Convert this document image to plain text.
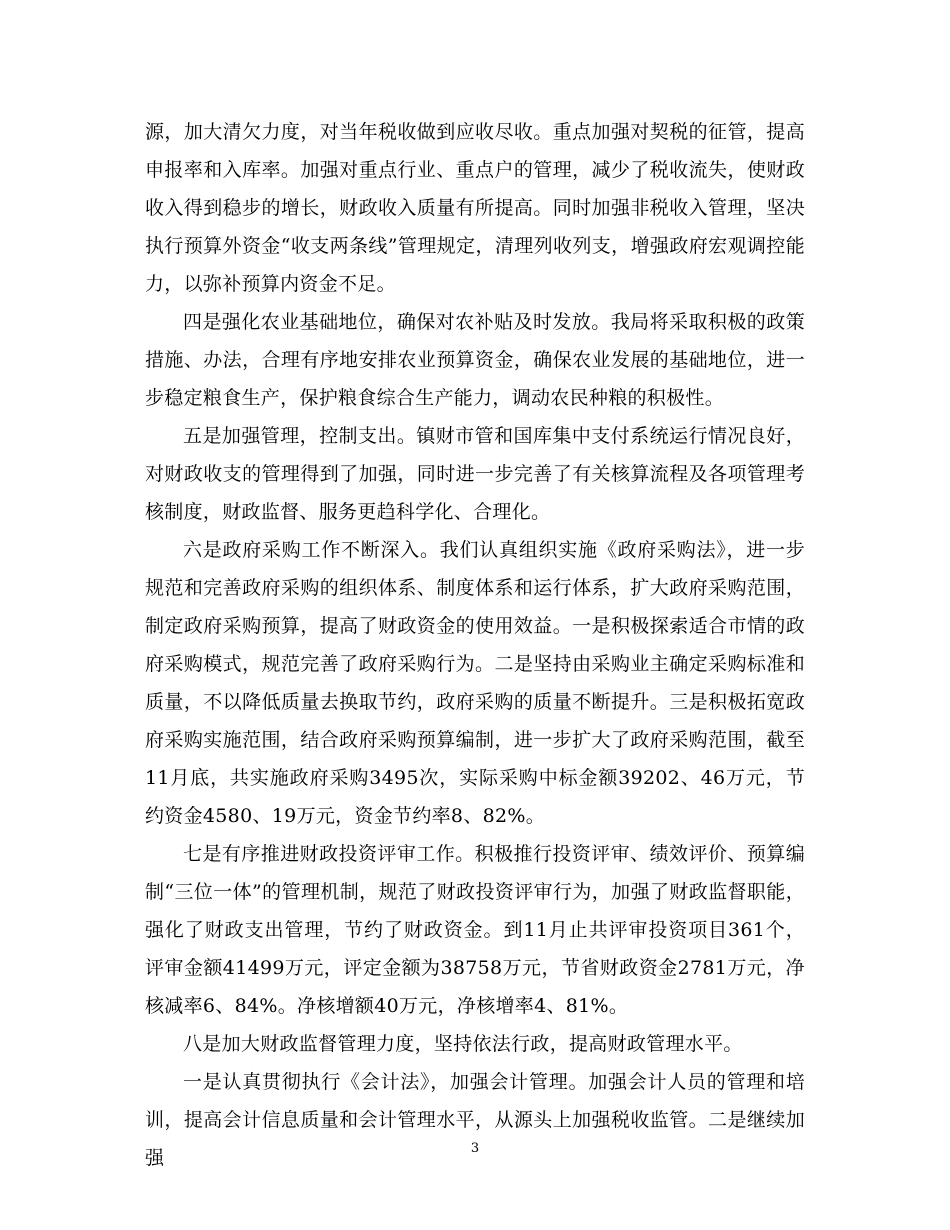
源，加大清欠力度，对当年税收做到应收尽收。重点加强对契税的征管，提高申报率和入库率。加强对重点行业、重点户的管理，减少了税收流失，使财政收入得到稳步的增长，财政收入质量有所提高。同时加强非税收入管理，坚决执行预算外资金“收支两条线”管理规定，清理列收列支，增强政府宏观调控能力，以弥补预算内资金不足。

四是强化农业基础地位，确保对农补贴及时发放。我局将采取积极的政策措施、办法，合理有序地安排农业预算资金，确保农业发展的基础地位，进一步稳定粮食生产，保护粮食综合生产能力，调动农民种粮的积极性。

五是加强管理，控制支出。镇财市管和国库集中支付系统运行情况良好，对财政收支的管理得到了加强，同时进一步完善了有关核算流程及各项管理考核制度，财政监督、服务更趋科学化、合理化。

六是政府采购工作不断深入。我们认真组织实施《政府采购法》，进一步规范和完善政府采购的组织体系、制度体系和运行体系，扩大政府采购范围，制定政府采购预算，提高了财政资金的使用效益。一是积极探索适合市情的政府采购模式，规范完善了政府采购行为。二是坚持由采购业主确定采购标准和质量，不以降低质量去换取节约，政府采购的质量不断提升。三是积极拓宽政府采购实施范围，结合政府采购预算编制，进一步扩大了政府采购范围，截至11月底，共实施政府采购3495次，实际采购中标金额39202、46万元，节约资金4580、19万元，资金节约率8、82%。

七是有序推进财政投资评审工作。积极推行投资评审、绩效评价、预算编制“三位一体”的管理机制，规范了财政投资评审行为，加强了财政监督职能，强化了财政支出管理，节约了财政资金。到11月止共评审投资项目361个，评审金额41499万元，评定金额为38758万元，节省财政资金2781万元，净核减率6、84%。净核增额40万元，净核增率4、81%。

八是加大财政监督管理力度，坚持依法行政，提高财政管理水平。

一是认真贯彻执行《会计法》，加强会计管理。加强会计人员的管理和培训，提高会计信息质量和会计管理水平，从源头上加强税收监管。二是继续加强	3
